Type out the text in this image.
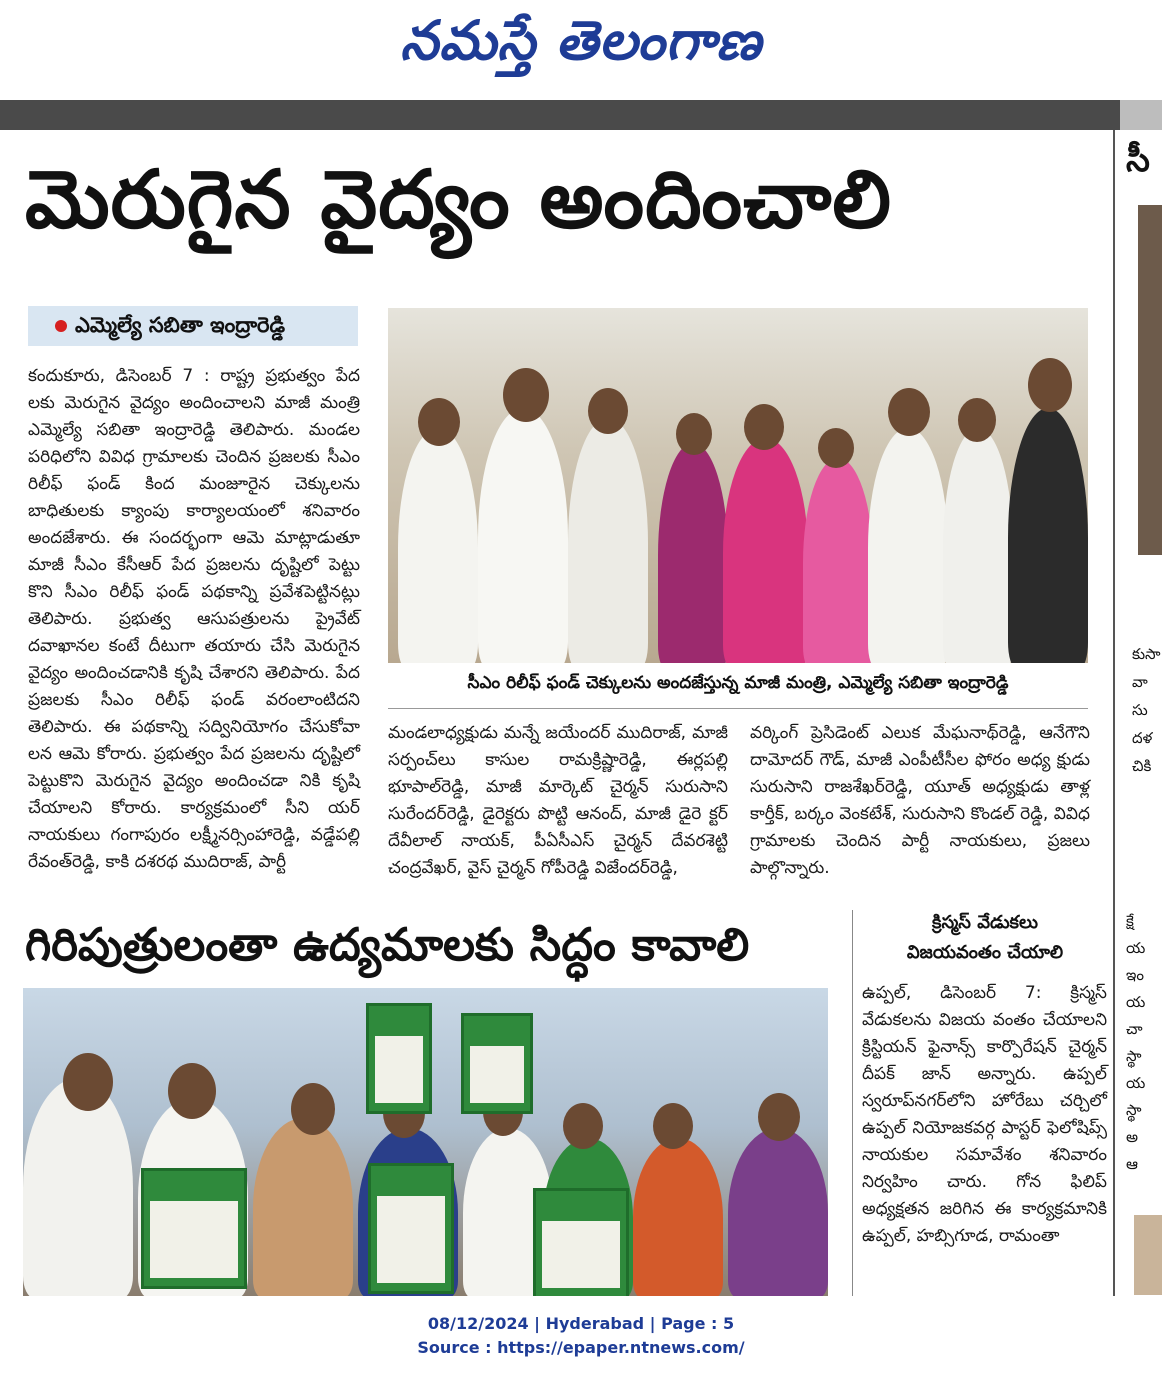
నమస్తే తెలంగాణ
మెరుగైన వైద్యం అందించాలి
ఎమ్మెల్యే సబితా ఇంద్రారెడ్డి
కందుకూరు, డిసెంబర్ 7 : రాష్ట్ర ప్రభుత్వం పేద లకు మెరుగైన వైద్యం అందించాలని మాజీ మంత్రి ఎమ్మెల్యే సబితా ఇంద్రారెడ్డి తెలిపారు. మండల పరిధిలోని వివిధ గ్రామాలకు చెందిన ప్రజలకు సీఎం రిలీఫ్ ఫండ్ కింద మంజూరైన చెక్కులను బాధితులకు క్యాంపు కార్యాలయంలో శనివారం అందజేశారు. ఈ సందర్భంగా ఆమె మాట్లాడుతూ మాజీ సీఎం కేసీఆర్ పేద ప్రజలను దృష్టిలో పెట్టు కొని సీఎం రిలీఫ్ ఫండ్ పథకాన్ని ప్రవేశపెట్టినట్లు తెలిపారు. ప్రభుత్వ ఆసుపత్రులను ప్రైవేట్ దవాఖానల కంటే దీటుగా తయారు చేసి మెరుగైన వైద్యం అందించడానికి కృషి చేశారని తెలిపారు. పేద ప్రజలకు సీఎం రిలీఫ్ ఫండ్ వరంలాంటిదని తెలిపారు. ఈ పథకాన్ని సద్వినియోగం చేసుకోవా లన ఆమె కోరారు. ప్రభుత్వం పేద ప్రజలను దృష్టిలో పెట్టుకొని మెరుగైన వైద్యం అందించడా నికి కృషి చేయాలని కోరారు. కార్యక్రమంలో సీని యర్ నాయకులు గంగాపురం లక్ష్మీనర్సింహారెడ్డి, వడ్డేపల్లి రేవంత్‌రెడ్డి, కాకి దశరథ ముదిరాజ్, పార్టీ
సీఎం రిలీఫ్ ఫండ్ చెక్కులను అందజేస్తున్న మాజీ మంత్రి, ఎమ్మెల్యే సబితా ఇంద్రారెడ్డి
మండలాధ్యక్షుడు మన్నే జయేందర్ ముదిరాజ్, మాజీ సర్పంచ్‌లు కాసుల రామక్రిష్ణారెడ్డి, ఈర్లపల్లి భూపాల్‌రెడ్డి, మాజీ మార్కెట్ చైర్మన్ సురుసాని సురేందర్‌రెడ్డి, డైరెక్టరు పొట్టి ఆనంద్, మాజీ డైరె క్టర్ దేవీలాల్ నాయక్, పీఏసీఎస్ చైర్మన్ దేవరశెట్టి చంద్రవేఖర్, వైస్ చైర్మన్ గోపీరెడ్డి విజేందర్‌రెడ్డి,
వర్కింగ్ ప్రెసిడెంట్ ఎలుక మేఘనాథ్‌రెడ్డి, ఆనేగౌని దామోదర్ గౌడ్, మాజీ ఎంపీటీసీల ఫోరం అధ్య క్షుడు సురుసాని రాజశేఖర్‌రెడ్డి, యూత్ అధ్యక్షుడు తాళ్ల కార్తీక్, బర్కం వెంకటేశ్, సురుసాని కొండల్ రెడ్డి, వివిధ గ్రామాలకు చెందిన పార్టీ నాయకులు, ప్రజలు పాల్గొన్నారు.
గిరిపుత్రులంతా ఉద్యమాలకు సిద్ధం కావాలి	క్రిస్మస్ వేడుకలు
విజయవంతం చేయాలి
ఉప్పల్, డిసెంబర్ 7: క్రిస్మస్ వేడుకలను విజయ వంతం చేయాలని క్రిస్టియన్ ఫైనాన్స్ కార్పొరేషన్ చైర్మన్ దీపక్ జాన్ అన్నారు. ఉప్పల్ స్వరూప్‌నగర్‌లోని హోరేబు చర్చిలో ఉప్పల్ నియోజకవర్గ పాస్టర్ ఫెలోషిప్స్ నాయకుల సమావేశం శనివారం నిర్వహిం చారు. గోన ఫిలిప్ అధ్యక్షతన జరిగిన ఈ కార్యక్రమానికి ఉప్పల్, హబ్సిగూడ, రామంతా
సీ
కుసా
వా
సు
దళ
చికి
క్షే
య
ఇం
య
చా
స్థా
య
స్థా
అ
ఆ
08/12/2024 | Hyderabad | Page : 5
Source : https://epaper.ntnews.com/
